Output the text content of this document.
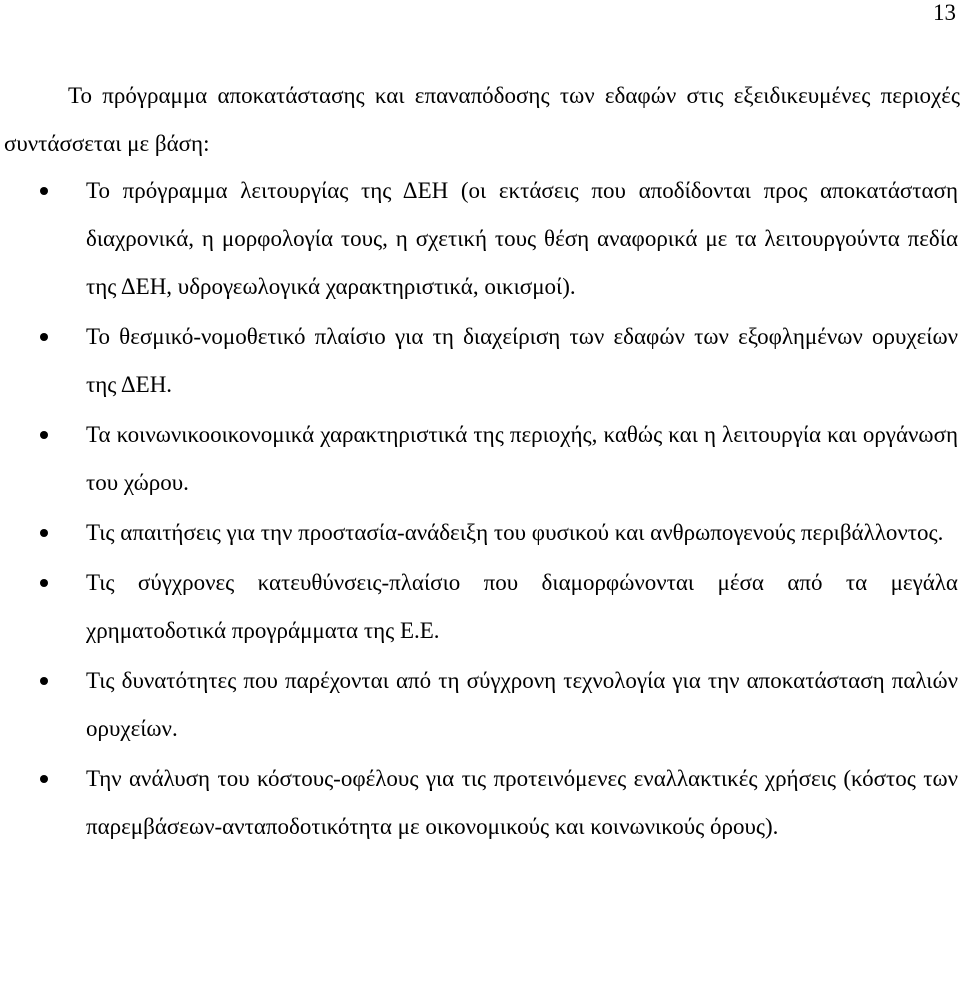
13

Το πρόγραμμα αποκατάστασης και επαναπόδοσης των εδαφών στις εξειδικευμένες περιοχές συντάσσεται με βάση:

Το πρόγραμμα λειτουργίας της ΔΕΗ (οι εκτάσεις που αποδίδονται προς αποκατάσταση διαχρονικά, η μορφολογία τους, η σχετική τους θέση αναφορικά με τα λειτουργούντα πεδία της ΔΕΗ, υδρογεωλογικά χαρακτηριστικά, οικισμοί).
Το θεσμικό-νομοθετικό πλαίσιο για τη διαχείριση των εδαφών των εξοφλημένων ορυχείων της ΔΕΗ.
Τα κοινωνικοοικονομικά χαρακτηριστικά της περιοχής, καθώς και η λειτουργία και οργάνωση του χώρου.
Τις απαιτήσεις για την προστασία-ανάδειξη του φυσικού και ανθρωπογενούς περιβάλλοντος.
Τις σύγχρονες κατευθύνσεις-πλαίσιο που διαμορφώνονται μέσα από τα μεγάλα χρηματοδοτικά προγράμματα της Ε.Ε.
Τις δυνατότητες που παρέχονται από τη σύγχρονη τεχνολογία για την αποκατάσταση παλιών ορυχείων.
Την ανάλυση του κόστους-οφέλους για τις προτεινόμενες εναλλακτικές χρήσεις (κόστος των παρεμβάσεων-ανταποδοτικότητα με οικονομικούς και κοινωνικούς όρους).
